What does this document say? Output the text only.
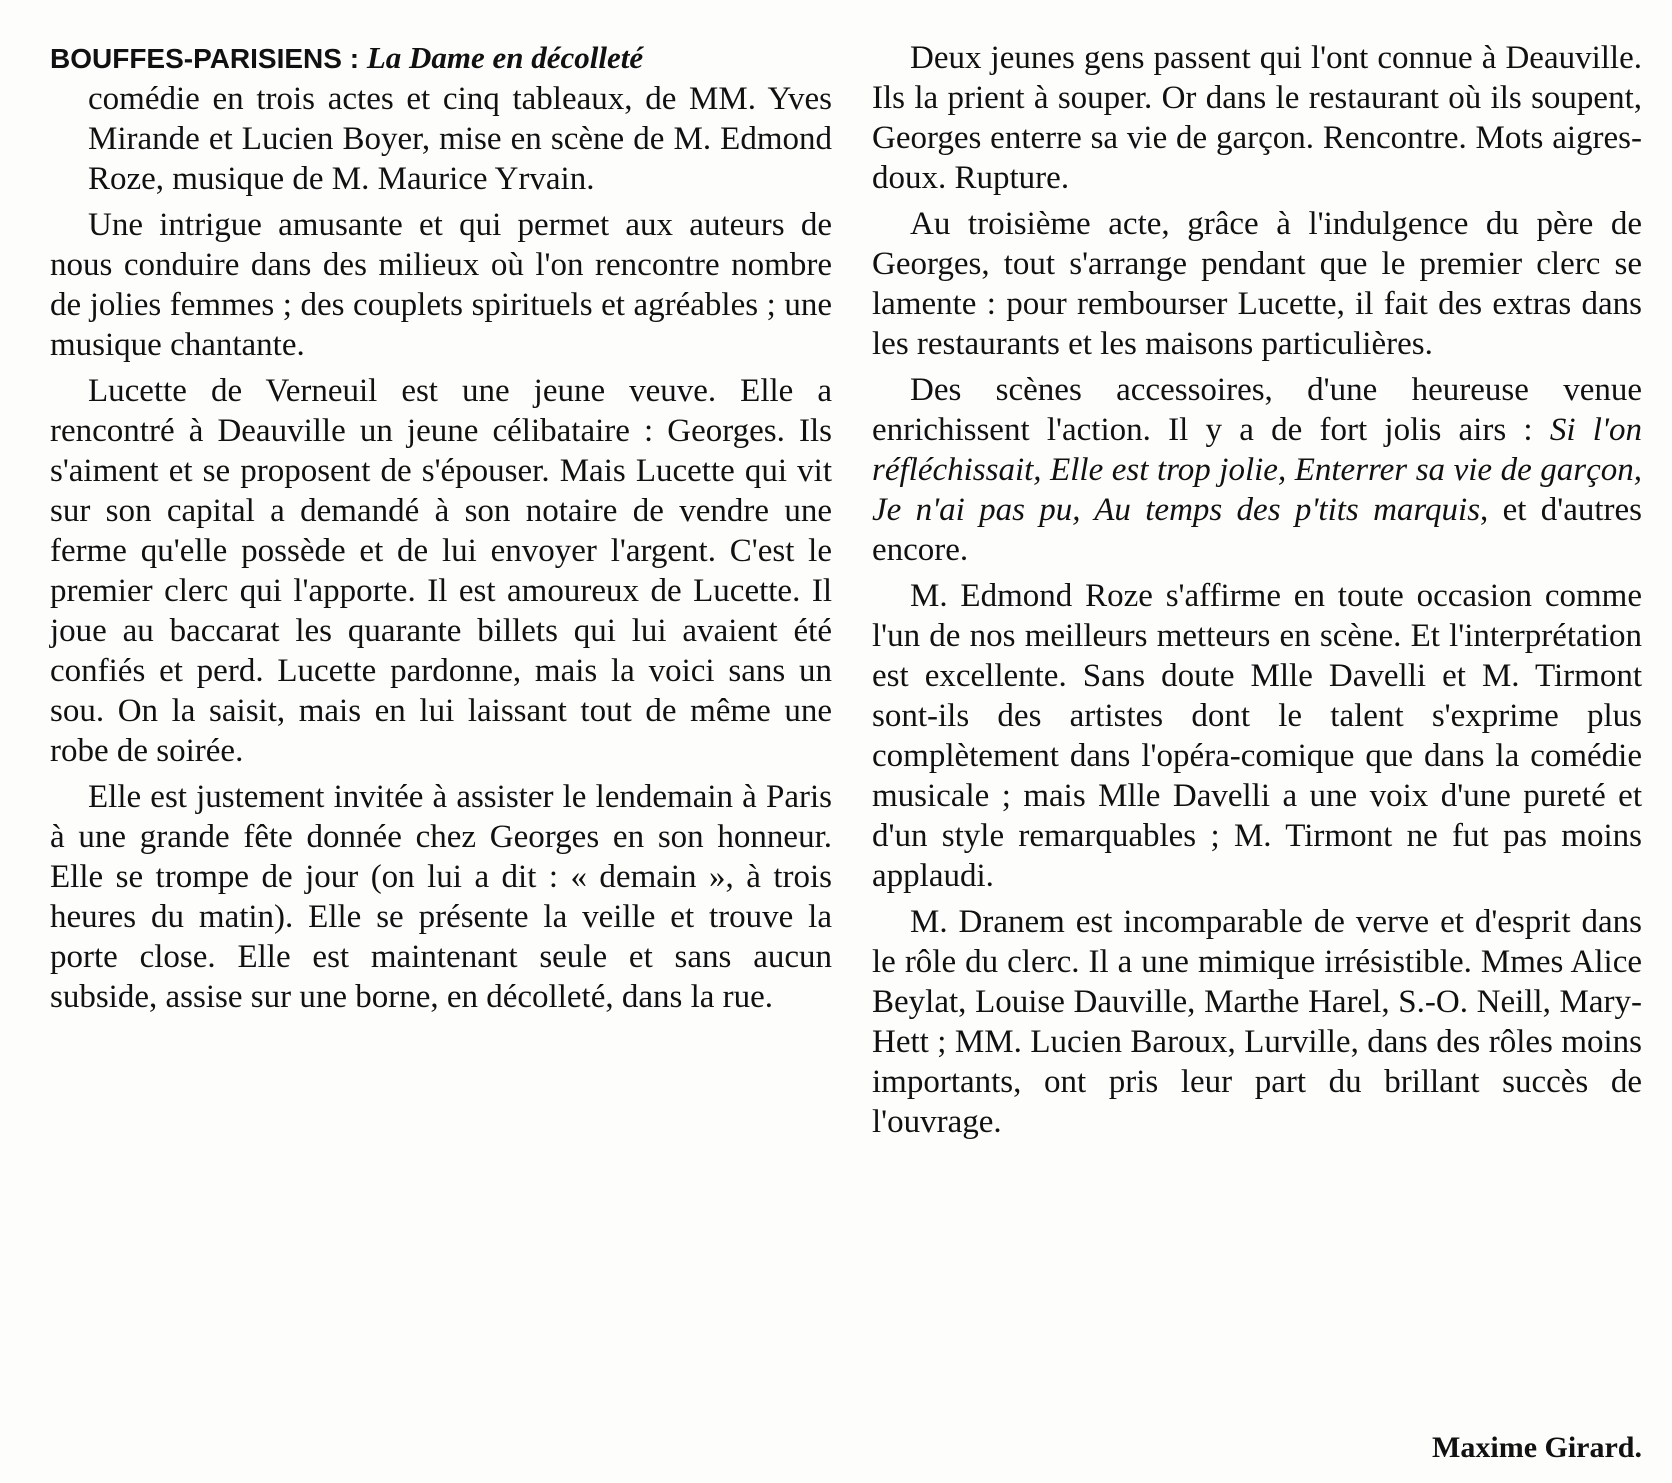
BOUFFES-PARISIENS : La Dame en décolleté

comédie en trois actes et cinq tableaux, de MM. Yves Mirande et Lucien Boyer, mise en scène de M. Edmond Roze, musique de M. Maurice Yrvain.

Une intrigue amusante et qui permet aux auteurs de nous conduire dans des milieux où l'on rencontre nombre de jolies femmes ; des couplets spirituels et agréables ; une musique chantante.

Lucette de Verneuil est une jeune veuve. Elle a rencontré à Deauville un jeune célibataire : Georges. Ils s'aiment et se proposent de s'épouser. Mais Lucette qui vit sur son capital a demandé à son notaire de vendre une ferme qu'elle possède et de lui envoyer l'argent. C'est le premier clerc qui l'apporte. Il est amoureux de Lucette. Il joue au baccarat les quarante billets qui lui avaient été confiés et perd. Lucette pardonne, mais la voici sans un sou. On la saisit, mais en lui laissant tout de même une robe de soirée.

Elle est justement invitée à assister le lendemain à Paris à une grande fête donnée chez Georges en son honneur. Elle se trompe de jour (on lui a dit : « demain », à trois heures du matin). Elle se présente la veille et trouve la porte close. Elle est maintenant seule et sans aucun subside, assise sur une borne, en décolleté, dans la rue.

Deux jeunes gens passent qui l'ont connue à Deauville. Ils la prient à souper. Or dans le restaurant où ils soupent, Georges enterre sa vie de garçon. Rencontre. Mots aigres-doux. Rupture.

Au troisième acte, grâce à l'indulgence du père de Georges, tout s'arrange pendant que le premier clerc se lamente : pour rembourser Lucette, il fait des extras dans les restaurants et les maisons particulières.

Des scènes accessoires, d'une heureuse venue enrichissent l'action. Il y a de fort jolis airs : Si l'on réfléchissait, Elle est trop jolie, Enterrer sa vie de garçon, Je n'ai pas pu, Au temps des p'tits marquis, et d'autres encore.

M. Edmond Roze s'affirme en toute occasion comme l'un de nos meilleurs metteurs en scène. Et l'interprétation est excellente. Sans doute Mlle Davelli et M. Tirmont sont-ils des artistes dont le talent s'exprime plus complètement dans l'opéra-comique que dans la comédie musicale ; mais Mlle Davelli a une voix d'une pureté et d'un style remarquables ; M. Tirmont ne fut pas moins applaudi.

M. Dranem est incomparable de verve et d'esprit dans le rôle du clerc. Il a une mimique irrésistible. Mmes Alice Beylat, Louise Dauville, Marthe Harel, S.-O. Neill, Mary-Hett ; MM. Lucien Baroux, Lurville, dans des rôles moins importants, ont pris leur part du brillant succès de l'ouvrage.

Maxime Girard.
